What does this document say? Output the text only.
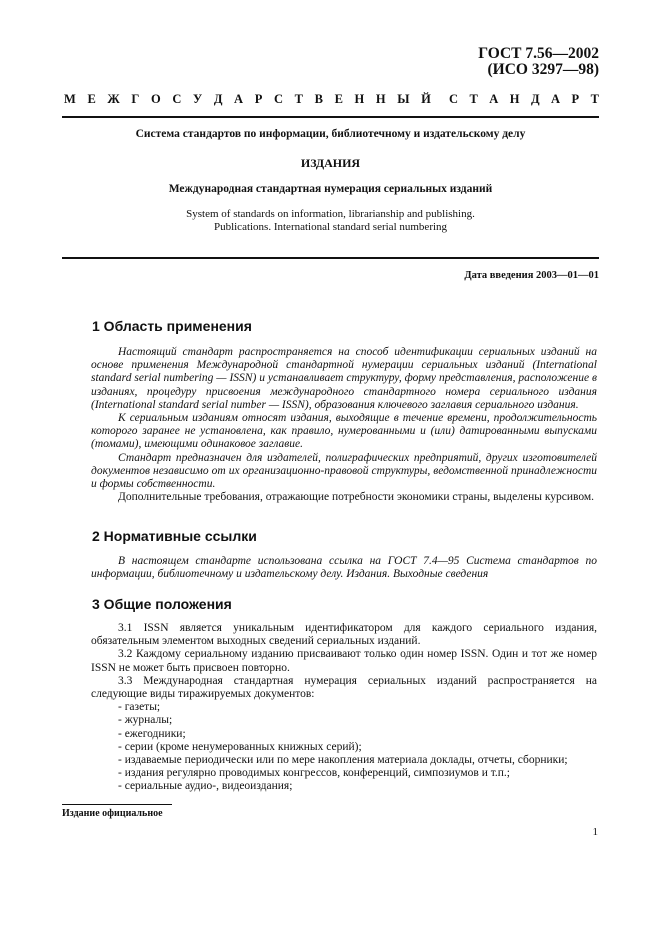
ГОСТ 7.56—2002
(ИСО 3297—98)
М Е Ж Г О С У Д А Р С Т В Е Н Н Ы Й С Т А Н Д А Р Т
Система стандартов по информации, библиотечному и издательскому делу
ИЗДАНИЯ
Международная стандартная нумерация сериальных изданий
System of standards on information, librarianship and publishing.
Publications. International standard serial numbering
Дата введения 2003—01—01
1 Область применения

Настоящий стандарт распространяется на способ идентификации сериальных изданий на основе применения Международной стандартной нумерации сериальных изданий (International standard serial numbering — ISSN) и устанавливает структуру, форму представления, расположение в изданиях, процедуру присвоения международного стандартного номера сериального издания (International standard serial number — ISSN), образования ключевого заглавия сериального издания.

К сериальным изданиям относят издания, выходящие в течение времени, продолжительность которого заранее не установлена, как правило, нумерованными и (или) датированными выпусками (томами), имеющими одинаковое заглавие.

Стандарт предназначен для издателей, полиграфических предприятий, других изготовителей документов независимо от их организационно-правовой структуры, ведомственной принадлежности и формы собственности.

Дополнительные требования, отражающие потребности экономики страны, выделены курсивом.

2 Нормативные ссылки

В настоящем стандарте использована ссылка на ГОСТ 7.4—95 Система стандартов по информации, библиотечному и издательскому делу. Издания. Выходные сведения

3 Общие положения

3.1 ISSN является уникальным идентификатором для каждого сериального издания, обязательным элементом выходных сведений сериальных изданий.

3.2 Каждому сериальному изданию присваивают только один номер ISSN. Один и тот же номер ISSN не может быть присвоен повторно.

3.3 Международная стандартная нумерация сериальных изданий распространяется на следующие виды тиражируемых документов:

- газеты;
- журналы;
- ежегодники;
- серии (кроме ненумерованных книжных серий);
- издаваемые периодически или по мере накопления материала доклады, отчеты, сборники;
- издания регулярно проводимых конгрессов, конференций, симпозиумов и т.п.;
- сериальные аудио-, видеоиздания;
Издание официальное
1
